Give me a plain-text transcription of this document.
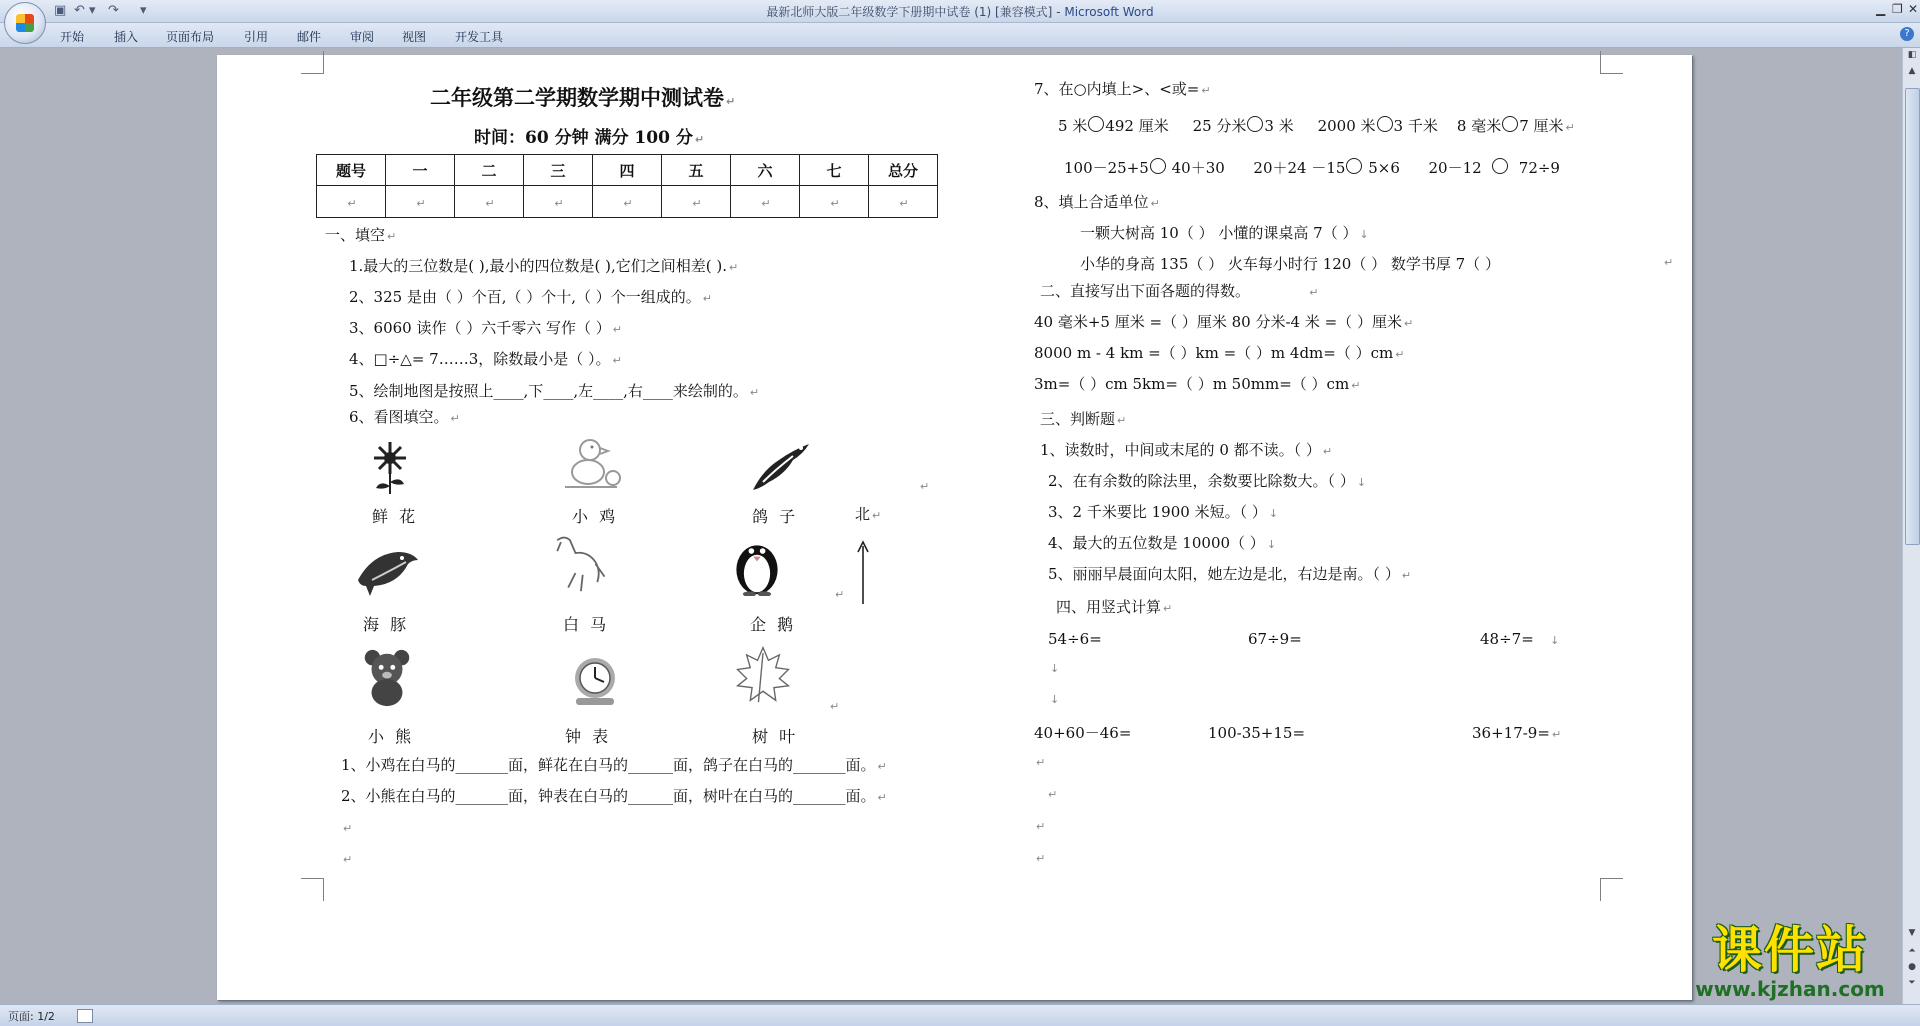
▣ ↶ ▾ ↷ ▾	最新北师大版二年级数学下册期中试卷 (1) [兼容模式] - Microsoft Word	▁ ❐ ✕
开始 插入 页面布局 引用 邮件 审阅 视图 开发工具	?
二年级第二学期数学期中测试卷 ↵
时间：60 分钟 满分 100 分 ↵
题号	一	二	三	四	五	六	七	总分
↵	↵	↵	↵	↵	↵	↵	↵	↵
一、填空 ↵
1.最大的三位数是( ),最小的四位数是( ),它们之间相差( ). ↵
2、325 是由（ ）个百,（ ）个十,（ ）个一组成的。 ↵
3、6060 读作（ ）六千零六 写作（ ） ↵
4、□÷△= 7……3，除数最小是（ ）。 ↵
5、绘制地图是按照上____,下____,左____,右____来绘制的。 ↵
6、看图填空。 ↵
鲜 花	小 鸡	鸽 子	北 ↵
↵
↵
海 豚	白 马	企 鹅
小 熊	钟 表	树 叶
↵
1、小鸡在白马的_______面，鲜花在白马的______面，鸽子在白马的_______面。 ↵
2、小熊在白马的_______面，钟表在白马的______面，树叶在白马的_______面。 ↵
↵
↵
7、在○内填上>、<或= ↵
5 米 492 厘米 25 分米 3 米 2000 米 3 千米 8 毫米 7 厘米 ↵
100－25+5 40＋30 20＋24 －15 5×6 20－12 72÷9
8、填上合适单位 ↵
一颗大树高 10（ ） 小懂的课桌高 7（ ） ↓
小华的身高 135（ ） 火车每小时行 120（ ） 数学书厚 7（ ）	↵
二、直接写出下面各题的得数。	↵
40 毫米+5 厘米 =（ ）厘米 80 分米-4 米 =（ ）厘米 ↵
8000 m - 4 km =（ ）km =（ ）m 4dm=（ ）cm ↵
3m=（ ）cm 5km=（ ）m 50mm=（ ）cm ↵
三、判断题 ↵
1、读数时，中间或末尾的 0 都不读。（ ） ↵
2、在有余数的除法里，余数要比除数大。（ ） ↓
3、2 千米要比 1900 米短。（ ） ↓
4、最大的五位数是 10000（ ） ↓
5、丽丽早晨面向太阳，她左边是北，右边是南。（ ） ↵
四、用竖式计算 ↵
54÷6=	67÷9=	48÷7= ↓
↓
↓
40+60－46=	100-35+15=	36+17-9= ↵
↵
↵
↵
↵
◧
▲
▼
⏶
●
⏷
课件站
www.kjzhan.com
页面: 1/2
